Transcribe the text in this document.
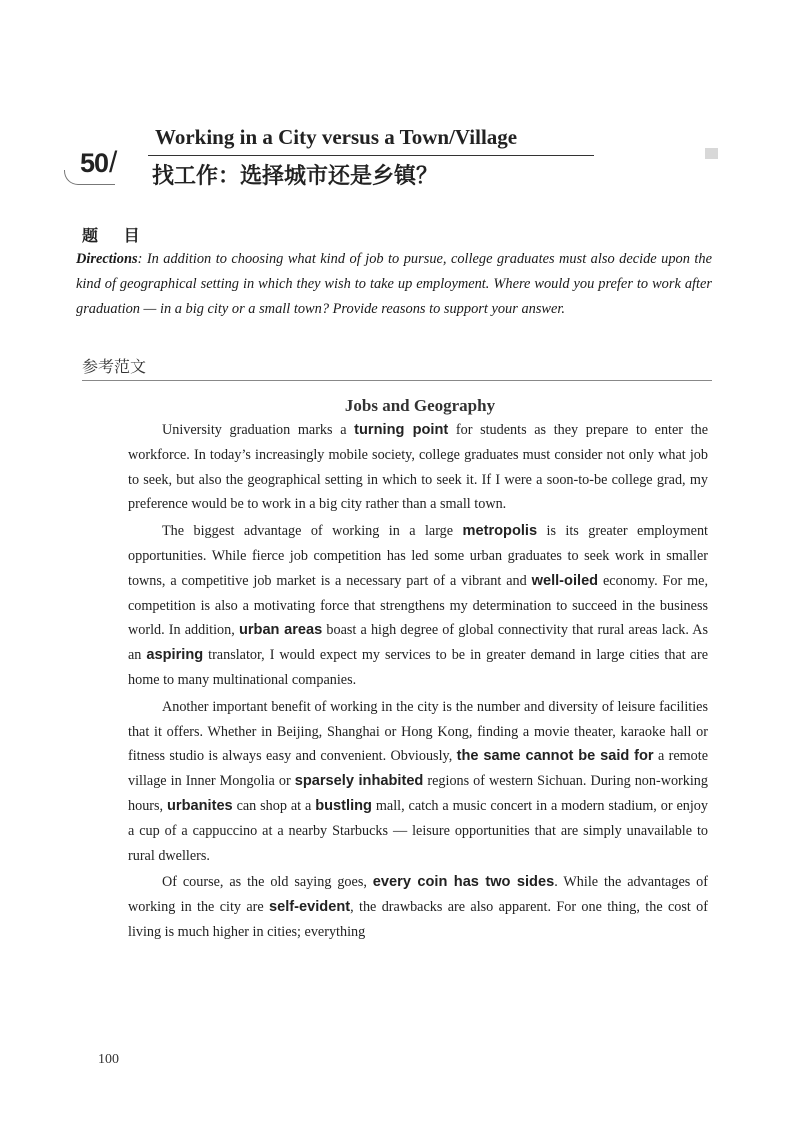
50/
Working in a City versus a Town/Village
找工作：选择城市还是乡镇？
题 目
Directions: In addition to choosing what kind of job to pursue, college graduates must also decide upon the kind of geographical setting in which they wish to take up employment. Where would you prefer to work after graduation — in a big city or a small town? Provide reasons to support your answer.
参考范文
Jobs and Geography

University graduation marks a turning point for students as they prepare to enter the workforce. In today’s increasingly mobile society, college graduates must consider not only what job to seek, but also the geographical setting in which to seek it. If I were a soon-to-be college grad, my preference would be to work in a big city rather than a small town.

The biggest advantage of working in a large metropolis is its greater employment opportunities. While fierce job competition has led some urban graduates to seek work in smaller towns, a competitive job market is a necessary part of a vibrant and well-oiled economy. For me, competition is also a motivating force that strengthens my determination to succeed in the business world. In addition, urban areas boast a high degree of global connectivity that rural areas lack. As an aspiring translator, I would expect my services to be in greater demand in large cities that are home to many multinational companies.

Another important benefit of working in the city is the number and diversity of leisure facilities that it offers. Whether in Beijing, Shanghai or Hong Kong, finding a movie theater, karaoke hall or fitness studio is always easy and convenient. Obviously, the same cannot be said for a remote village in Inner Mongolia or sparsely inhabited regions of western Sichuan. During non-working hours, urbanites can shop at a bustling mall, catch a music concert in a modern stadium, or enjoy a cup of a cappuccino at a nearby Starbucks — leisure opportunities that are simply unavailable to rural dwellers.

Of course, as the old saying goes, every coin has two sides. While the advantages of working in the city are self-evident, the drawbacks are also apparent. For one thing, the cost of living is much higher in cities; everything

100
